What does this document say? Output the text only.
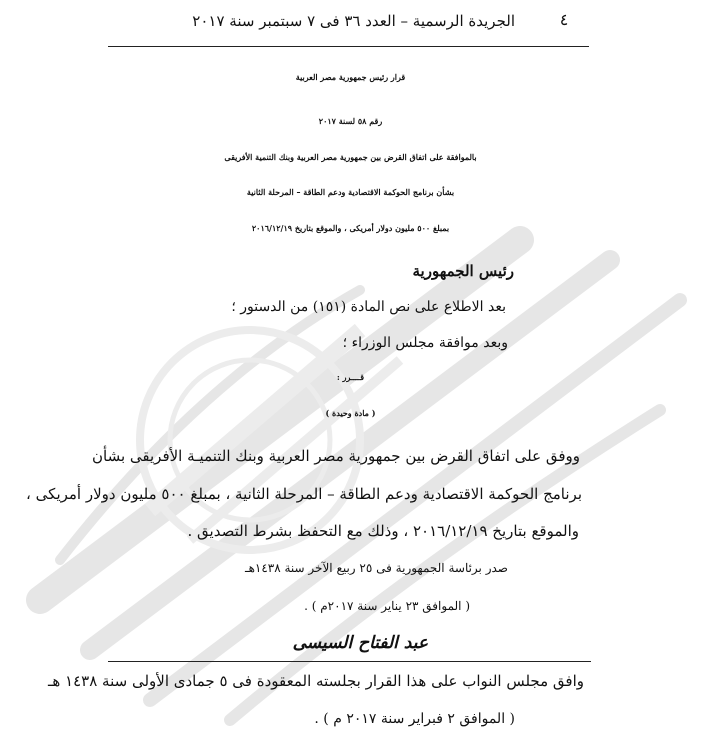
٤

الجريدة الرسمية – العدد ٣٦ فى ٧ سبتمبر سنة ٢٠١٧

قرار رئيس جمهورية مصر العربية

رقم ٥٨ لسنة ٢٠١٧

بالموافقة على اتفاق القرض بين جمهورية مصر العربية وبنك التنمية الأفريقى

بشأن برنامج الحوكمة الاقتصادية ودعم الطاقة – المرحلة الثانية

بمبلغ ٥٠٠ مليون دولار أمريكى ، والموقع بتاريخ ٢٠١٦/١٢/١٩

رئيس الجمهورية

بعد الاطلاع على نص المادة (١٥١) من الدستور ؛

وبعد موافقة مجلس الوزراء ؛

قــــرر :

( مادة وحيدة )

ووفق على اتفاق القرض بين جمهورية مصر العربية وبنك التنميـة الأفريقى بشأن

برنامج الحوكمة الاقتصادية ودعم الطاقة – المرحلة الثانية ، بمبلغ ٥٠٠ مليون دولار أمريكى ،

والموقع بتاريخ ٢٠١٦/١٢/١٩ ، وذلك مع التحفظ بشرط التصديق .

صدر برئاسة الجمهورية فى ٢٥ ربيع الآخر سنة ١٤٣٨هـ

( الموافق ٢٣ يناير سنة ٢٠١٧م ) .

عبد الفتاح السيسى

وافق مجلس النواب على هذا القرار بجلسته المعقودة فى ٥ جمادى الأولى سنة ١٤٣٨ هـ

( الموافق ٢ فبراير سنة ٢٠١٧ م ) .
